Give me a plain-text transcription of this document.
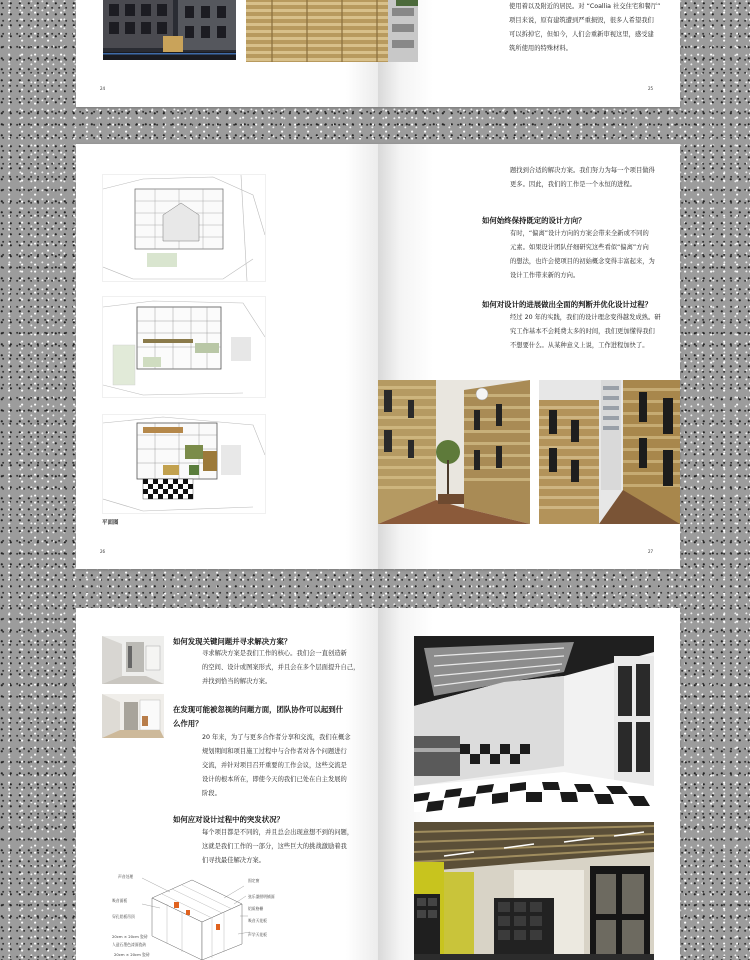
使用着以及附近的居民。对 “Coallia 社交住宅和餐厅”
项目来说，原有建筑遭到严重损毁，很多人希望我们
可以拆掉它，但如今，人们会重新审视这里，感受建
筑所使用的特殊材料。
24	25
平面图
题找到合适的解决方案。我们努力为每一个项目做得
更多。因此，我们的工作是一个永恒的进程。
如何始终保持既定的设计方向？
有时，“偏离”设计方向的方案会带来全新或不同的
元素。如果设计团队仔细研究这些看似“偏离”方向
的想法，也许会使项目的初始概念变得丰富起来，为
设计工作带来新的方向。
如何对设计的进展做出全面的判断并优化设计过程？
经过 20 年的实践，我们的设计理念变得越发成熟。研
究工作基本不会耗费太多的时间，我们更加懂得我们
不想要什么。从某种意义上说，工作进程加快了。
26	27
如何发现关键问题并寻求解决方案？
寻求解决方案是我们工作的核心。我们会一直创造新
的空间、设计或图案形式，并且会在多个层面提升自己，
并找到恰当的解决方案。
在发现可能被忽视的问题方面，团队协作可以起到什
么作用？
20 年来，为了与更多合作者分享和交流，我们在概念
规划期间和项目施工过程中与合作者对各个问题进行
交流，并针对项目召开重要的工作会议，这些交流是
设计的根本所在，即使今天的我们已处在自主发展的
阶段。
如何应对设计过程中的突发状况？
每个项目都是不同的，并且总会出现意想不到的问题，
这就是我们工作的一部分，这些巨大的挑战激励着我
们寻找最佳解决方案。
声音处理
吸音面板
穿孔铝板吊顶
20cm × 20cm 瓷砖
人造石墨色漆面瓷砖
20cm × 20cm 瓷砖
固定窗
弦乐器照明铺面
铝质格栅
吸音天花板
声学天花板
